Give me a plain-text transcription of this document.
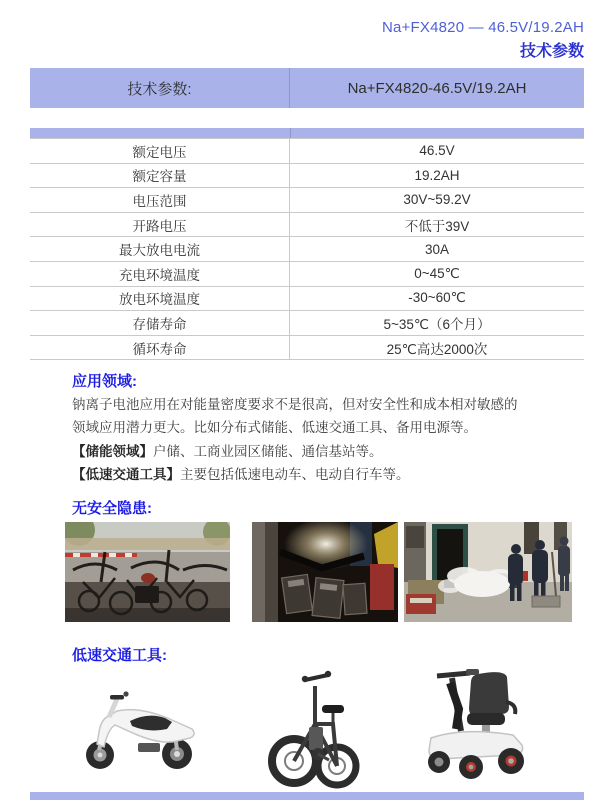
Na+FX4820 — 46.5V/19.2AH
技术参数
技术参数:	Na+FX4820-46.5V/19.2AH
额定电压	46.5V
额定容量	19.2AH
电压范围	30V~59.2V
开路电压	不低于39V
最大放电电流	30A
充电环境温度	0~45℃
放电环境温度	-30~60℃
存储寿命	5~35℃（6个月）
循环寿命	25℃高达2000次
应用领域:

钠离子电池应用在对能量密度要求不是很高，但对安全性和成本相对敏感的领域应用潜力更大。比如分布式储能、低速交通工具、备用电源等。

【储能领域】户储、工商业园区储能、通信基站等。
【低速交通工具】主要包括低速电动车、电动自行车等。
无安全隐患:
低速交通工具:
